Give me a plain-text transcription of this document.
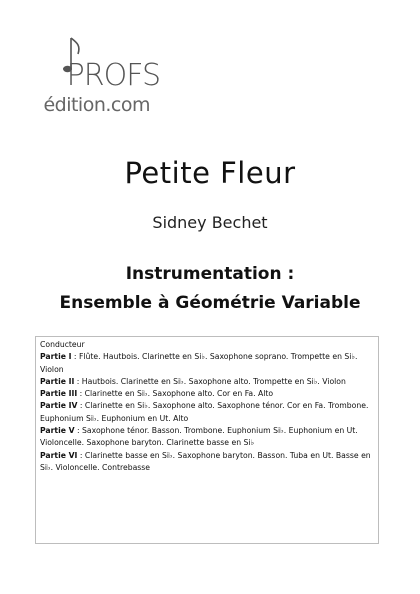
PROFS
édition.com
Petite Fleur
Sidney Bechet
Instrumentation :
Ensemble à Géométrie Variable
Conducteur
Partie I : Flûte. Hautbois. Clarinette en Si♭. Saxophone soprano. Trompette en Si♭. Violon
Partie II : Hautbois. Clarinette en Si♭. Saxophone alto. Trompette en Si♭. Violon
Partie III : Clarinette en Si♭. Saxophone alto. Cor en Fa. Alto
Partie IV : Clarinette en Si♭. Saxophone alto. Saxophone ténor. Cor en Fa. Trombone. Euphonium Si♭. Euphonium en Ut. Alto
Partie V : Saxophone ténor. Basson. Trombone. Euphonium Si♭. Euphonium en Ut. Violoncelle. Saxophone baryton. Clarinette basse en Si♭
Partie VI : Clarinette basse en Si♭. Saxophone baryton. Basson. Tuba en Ut. Basse en Si♭. Violoncelle. Contrebasse
